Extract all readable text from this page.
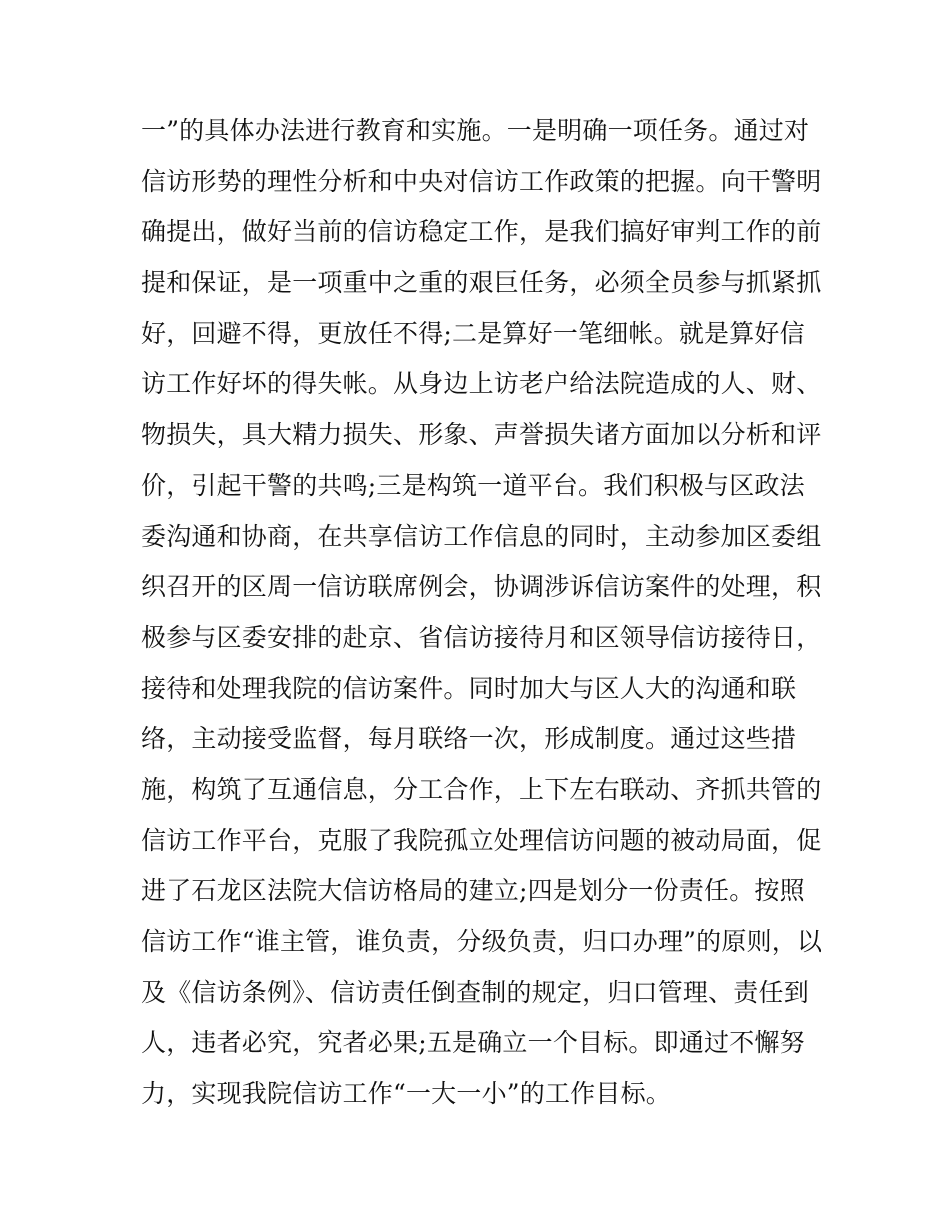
一”的具体办法进行教育和实施。一是明确一项任务。通过对
信访形势的理性分析和中央对信访工作政策的把握。向干警明
确提出，做好当前的信访稳定工作，是我们搞好审判工作的前
提和保证，是一项重中之重的艰巨任务，必须全员参与抓紧抓
好，回避不得，更放任不得;二是算好一笔细帐。就是算好信
访工作好坏的得失帐。从身边上访老户给法院造成的人、财、
物损失，具大精力损失、形象、声誉损失诸方面加以分析和评
价，引起干警的共鸣;三是构筑一道平台。我们积极与区政法
委沟通和协商，在共享信访工作信息的同时，主动参加区委组
织召开的区周一信访联席例会，协调涉诉信访案件的处理，积
极参与区委安排的赴京、省信访接待月和区领导信访接待日，
接待和处理我院的信访案件。同时加大与区人大的沟通和联
络，主动接受监督，每月联络一次，形成制度。通过这些措
施，构筑了互通信息，分工合作，上下左右联动、齐抓共管的
信访工作平台，克服了我院孤立处理信访问题的被动局面，促
进了石龙区法院大信访格局的建立;四是划分一份责任。按照
信访工作“谁主管，谁负责，分级负责，归口办理”的原则，以
及《信访条例》、信访责任倒查制的规定，归口管理、责任到
人，违者必究，究者必果;五是确立一个目标。即通过不懈努
力，实现我院信访工作“一大一小”的工作目标。
